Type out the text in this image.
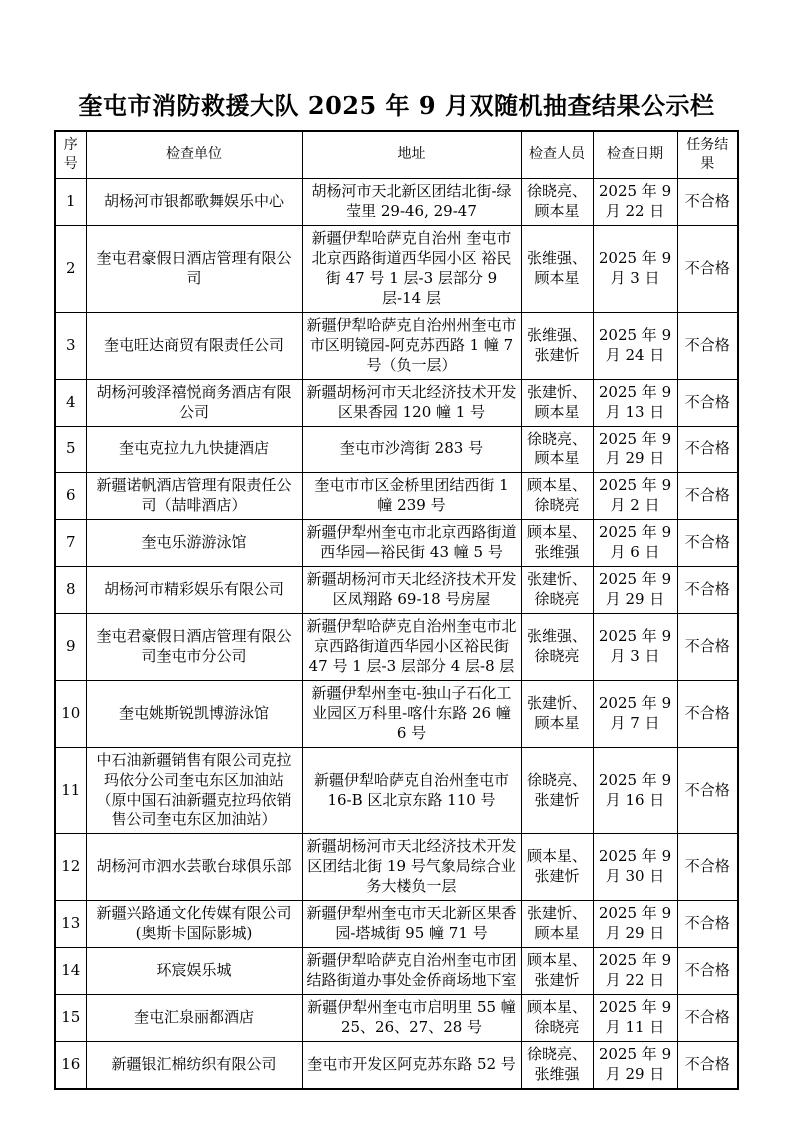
奎屯市消防救援大队 2025 年 9 月双随机抽查结果公示栏
序号	检查单位	地址	检查人员	检查日期	任务结果
1	胡杨河市银都歌舞娱乐中心	胡杨河市天北新区团结北街-绿莹里 29-46, 29-47	徐晓亮、顾本星	2025 年 9 月 22 日	不合格
2	奎屯君豪假日酒店管理有限公司	新疆伊犁哈萨克自治州 奎屯市北京西路街道西华园小区 裕民街 47 号 1 层-3 层部分 9 层-14 层	张维强、顾本星	2025 年 9 月 3 日	不合格
3	奎屯旺达商贸有限责任公司	新疆伊犁哈萨克自治州州奎屯市市区明镜园-阿克苏西路 1 幢 7 号（负一层）	张维强、张建忻	2025 年 9 月 24 日	不合格
4	胡杨河骏泽禧悦商务酒店有限公司	新疆胡杨河市天北经济技术开发区果香园 120 幢 1 号	张建忻、顾本星	2025 年 9 月 13 日	不合格
5	奎屯克拉九九快捷酒店	奎屯市沙湾街 283 号	徐晓亮、顾本星	2025 年 9 月 29 日	不合格
6	新疆诺帆酒店管理有限责任公司（喆啡酒店）	奎屯市市区金桥里团结西街 1 幢 239 号	顾本星、徐晓亮	2025 年 9 月 2 日	不合格
7	奎屯乐游游泳馆	新疆伊犁州奎屯市北京西路街道西华园—裕民街 43 幢 5 号	顾本星、张维强	2025 年 9 月 6 日	不合格
8	胡杨河市精彩娱乐有限公司	新疆胡杨河市天北经济技术开发区凤翔路 69-18 号房屋	张建忻、徐晓亮	2025 年 9 月 29 日	不合格
9	奎屯君豪假日酒店管理有限公司奎屯市分公司	新疆伊犁哈萨克自治州奎屯市北京西路街道西华园小区裕民街 47 号 1 层-3 层部分 4 层-8 层	张维强、徐晓亮	2025 年 9 月 3 日	不合格
10	奎屯姚斯锐凯博游泳馆	新疆伊犁州奎屯-独山子石化工业园区万科里-喀什东路 26 幢 6 号	张建忻、顾本星	2025 年 9 月 7 日	不合格
11	中石油新疆销售有限公司克拉玛依分公司奎屯东区加油站（原中国石油新疆克拉玛依销售公司奎屯东区加油站）	新疆伊犁哈萨克自治州奎屯市 16-B 区北京东路 110 号	徐晓亮、张建忻	2025 年 9 月 16 日	不合格
12	胡杨河市泗水芸歌台球俱乐部	新疆胡杨河市天北经济技术开发区团结北街 19 号气象局综合业务大楼负一层	顾本星、张建忻	2025 年 9 月 30 日	不合格
13	新疆兴路通文化传媒有限公司(奥斯卡国际影城)	新疆伊犁州奎屯市天北新区果香园-塔城街 95 幢 71 号	张建忻、顾本星	2025 年 9 月 29 日	不合格
14	环宸娱乐城	新疆伊犁哈萨克自治州奎屯市团结路街道办事处金侨商场地下室	顾本星、张建忻	2025 年 9 月 22 日	不合格
15	奎屯汇泉丽都酒店	新疆伊犁州奎屯市启明里 55 幢 25、26、27、28 号	顾本星、徐晓亮	2025 年 9 月 11 日	不合格
16	新疆银汇棉纺织有限公司	奎屯市开发区阿克苏东路 52 号	徐晓亮、张维强	2025 年 9 月 29 日	不合格
